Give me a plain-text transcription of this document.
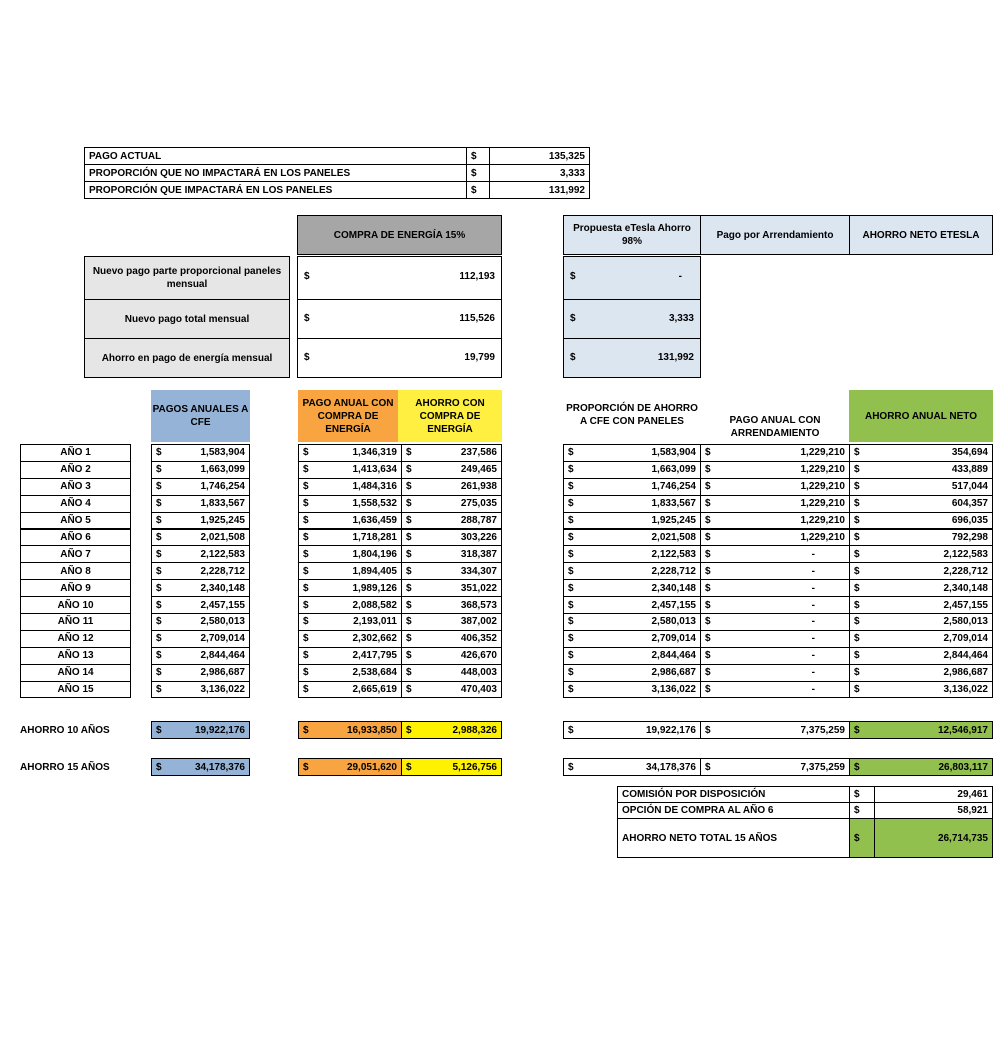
PAGO ACTUAL	$	135,325
PROPORCIÓN QUE NO IMPACTARÁ EN LOS PANELES	$	3,333
PROPORCIÓN QUE IMPACTARÁ EN LOS PANELES	$	131,992
COMPRA DE ENERGÍA 15%
Propuesta eTesla Ahorro 98%
Pago por Arrendamiento	AHORRO NETO ETESLA
Nuevo pago parte proporcional paneles mensual
$	112,193	$	-
Nuevo pago total mensual	$	115,526	$	3,333
Ahorro en pago de energía mensual	$	19,799	$	131,992
PAGOS ANUALES A CFE
PAGO ANUAL CON COMPRA DE ENERGÍA
AHORRO CON COMPRA DE ENERGÍA
PROPORCIÓN DE AHORRO A CFE CON PANELES	PAGO ANUAL CON ARRENDAMIENTO
AHORRO ANUAL NETO
AÑO 1	$	1,583,904	$	1,346,319 $	237,586	$	1,583,904 $	1,229,210 $	354,694
AÑO 2	$	1,663,099	$	1,413,634 $	249,465	$	1,663,099 $	1,229,210 $	433,889
AÑO 3	$	1,746,254	$	1,484,316 $	261,938	$	1,746,254 $	1,229,210 $	517,044
AÑO 4	$	1,833,567	$	1,558,532 $	275,035	$	1,833,567 $	1,229,210 $	604,357
AÑO 5	$	1,925,245	$	1,636,459 $	288,787	$	1,925,245 $	1,229,210 $	696,035
AÑO 6	$	2,021,508	$	1,718,281 $	303,226	$	2,021,508 $	1,229,210 $	792,298
AÑO 7	$	2,122,583	$	1,804,196 $	318,387	$	2,122,583 $	-	$	2,122,583
AÑO 8	$	2,228,712	$	1,894,405 $	334,307	$	2,228,712 $	-	$	2,228,712
AÑO 9	$	2,340,148	$	1,989,126 $	351,022	$	2,340,148 $	-	$	2,340,148
AÑO 10	$	2,457,155	$	2,088,582 $	368,573	$	2,457,155 $	-	$	2,457,155
AÑO 11	$	2,580,013	$	2,193,011 $	387,002	$	2,580,013 $	-	$	2,580,013
AÑO 12	$	2,709,014	$	2,302,662 $	406,352	$	2,709,014 $	-	$	2,709,014
AÑO 13	$	2,844,464	$	2,417,795 $	426,670	$	2,844,464 $	-	$	2,844,464
AÑO 14	$	2,986,687	$	2,538,684 $	448,003	$	2,986,687 $	-	$	2,986,687
AÑO 15	$	3,136,022	$	2,665,619 $	470,403	$	3,136,022 $	-	$	3,136,022
AHORRO 10 AÑOS	$	19,922,176	$	16,933,850 $	2,988,326	$	19,922,176 $	7,375,259 $	12,546,917
AHORRO 15 AÑOS	$	34,178,376	$	29,051,620 $	5,126,756	$	34,178,376 $	7,375,259 $	26,803,117
COMISIÓN POR DISPOSICIÓN	$	29,461
OPCIÓN DE COMPRA AL AÑO 6	$	58,921
AHORRO NETO TOTAL 15 AÑOS	$	26,714,735
